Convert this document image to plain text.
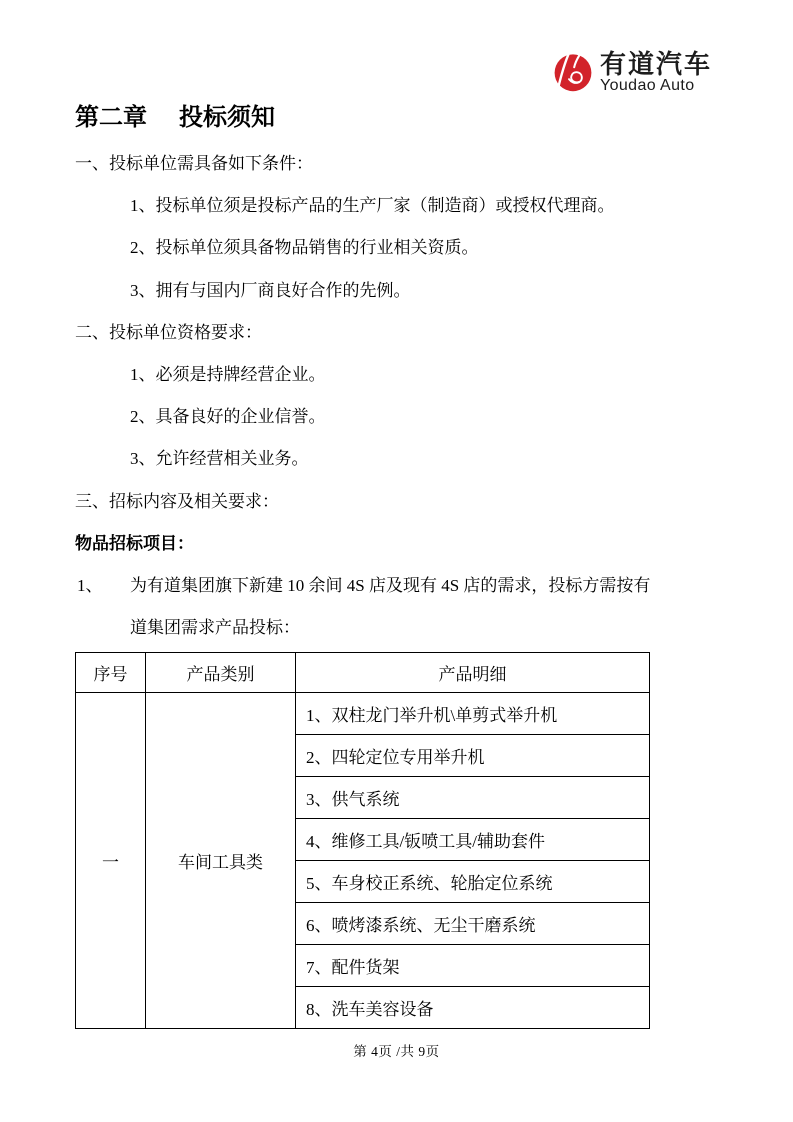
有道汽车
Youdao Auto
第二章 投标须知
一、投标单位需具备如下条件：
1、投标单位须是投标产品的生产厂家（制造商）或授权代理商。
2、投标单位须具备物品销售的行业相关资质。
3、拥有与国内厂商良好合作的先例。
二、投标单位资格要求：
1、必须是持牌经营企业。
2、具备良好的企业信誉。
3、允许经营相关业务。
三、招标内容及相关要求：
物品招标项目：
1、 为有道集团旗下新建 10 余间 4S 店及现有 4S 店的需求，投标方需按有
道集团需求产品投标：
序号	产品类别	产品明细
一	车间工具类	1、双柱龙门举升机\单剪式举升机
		2、四轮定位专用举升机
		3、供气系统
		4、维修工具/钣喷工具/辅助套件
		5、车身校正系统、轮胎定位系统
		6、喷烤漆系统、无尘干磨系统
		7、配件货架
		8、洗车美容设备
第 4页 /共 9页
